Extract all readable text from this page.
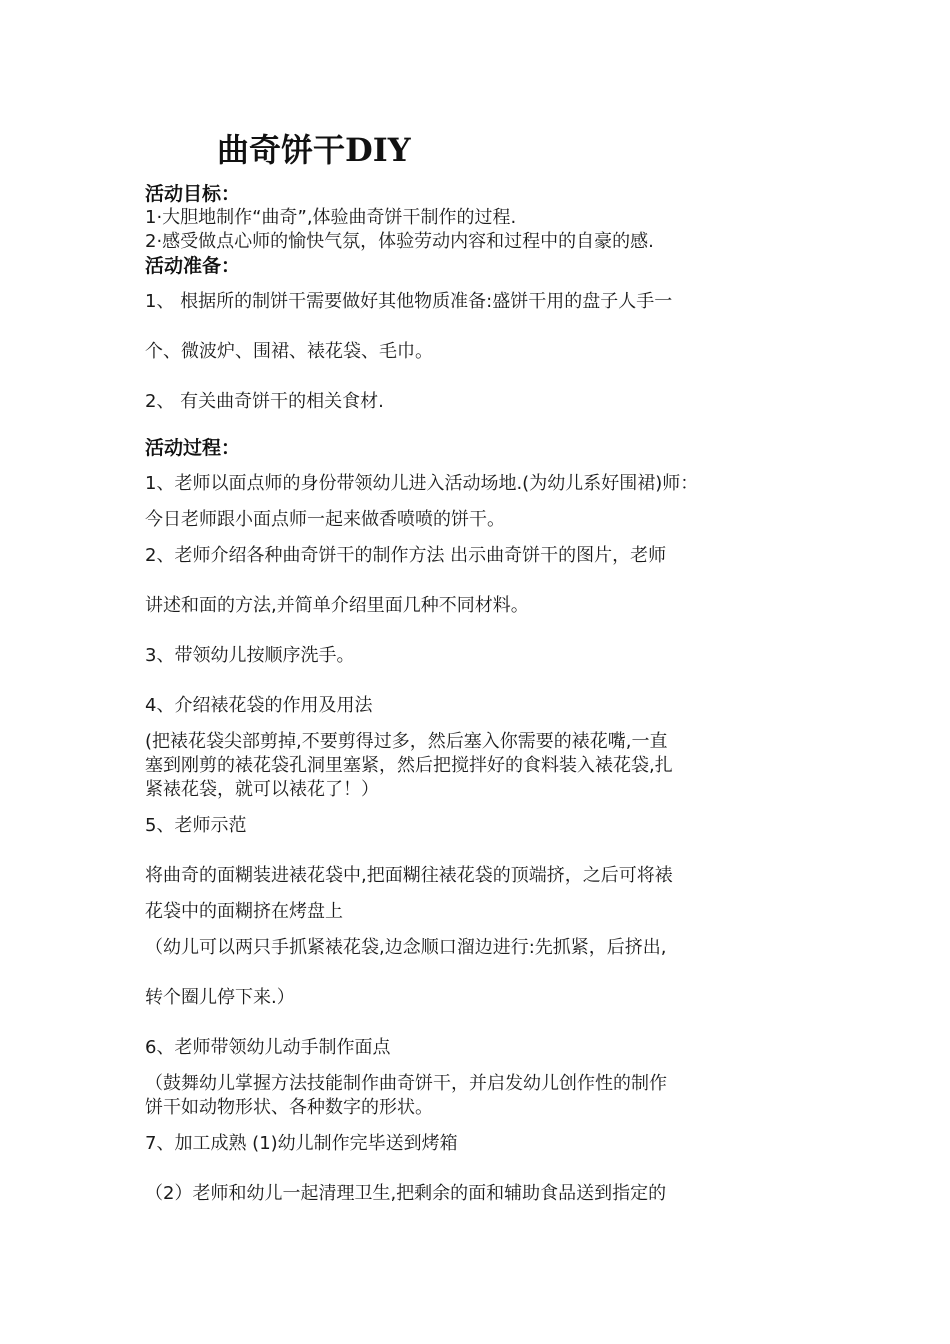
曲奇饼干DIY

活动目标：

1·大胆地制作“曲奇”,体验曲奇饼干制作的过程.

2·感受做点心师的愉快气氛，体验劳动内容和过程中的自豪的感.

活动准备：

1、 根据所的制饼干需要做好其他物质准备:盛饼干用的盘子人手一

个、微波炉、围裙、裱花袋、毛巾。

2、 有关曲奇饼干的相关食材.

活动过程：

1、老师以面点师的身份带领幼儿进入活动场地.(为幼儿系好围裙)师：

今日老师跟小面点师一起来做香喷喷的饼干。

2、老师介绍各种曲奇饼干的制作方法 出示曲奇饼干的图片，老师

讲述和面的方法,并简单介绍里面几种不同材料。

3、带领幼儿按顺序洗手。

4、介绍裱花袋的作用及用法

(把裱花袋尖部剪掉,不要剪得过多，然后塞入你需要的裱花嘴,一直

塞到刚剪的裱花袋孔洞里塞紧，然后把搅拌好的食料装入裱花袋,扎

紧裱花袋，就可以裱花了！）

5、老师示范

将曲奇的面糊装进裱花袋中,把面糊往裱花袋的顶端挤，之后可将裱

花袋中的面糊挤在烤盘上

（幼儿可以两只手抓紧裱花袋,边念顺口溜边进行:先抓紧，后挤出,

转个圈儿停下来.）

6、老师带领幼儿动手制作面点

（鼓舞幼儿掌握方法技能制作曲奇饼干，并启发幼儿创作性的制作

饼干如动物形状、各种数字的形状。

7、加工成熟 (1)幼儿制作完毕送到烤箱

（2）老师和幼儿一起清理卫生,把剩余的面和辅助食品送到指定的
